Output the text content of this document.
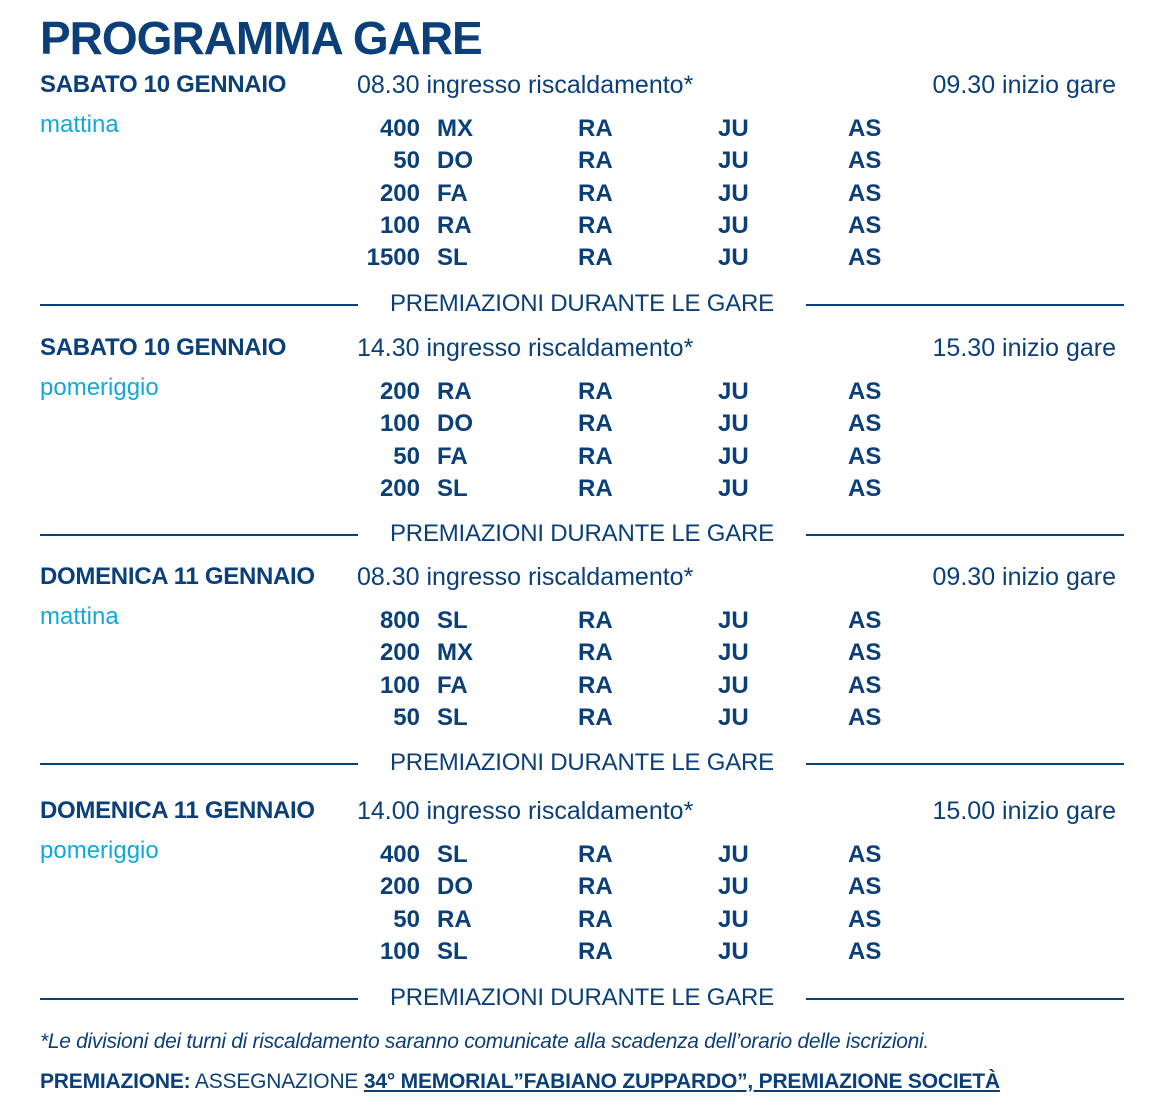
PROGRAMMA GARE
SABATO 10 GENNAIO
mattina
08.30 ingresso riscaldamento*	09.30 inizio gare
400 MX	RA	JU	AS
50 DO	RA	JU	AS
200 FA	RA	JU	AS
100 RA	RA	JU	AS
1500 SL	RA	JU	AS
PREMIAZIONI DURANTE LE GARE
SABATO 10 GENNAIO
pomeriggio
14.30 ingresso riscaldamento*	15.30 inizio gare
200 RA	RA	JU	AS
100 DO	RA	JU	AS
50 FA	RA	JU	AS
200 SL	RA	JU	AS
PREMIAZIONI DURANTE LE GARE
DOMENICA 11 GENNAIO
mattina
08.30 ingresso riscaldamento*	09.30 inizio gare
800 SL	RA	JU	AS
200 MX	RA	JU	AS
100 FA	RA	JU	AS
50 SL	RA	JU	AS
PREMIAZIONI DURANTE LE GARE
DOMENICA 11 GENNAIO
pomeriggio
14.00 ingresso riscaldamento*	15.00 inizio gare
400 SL	RA	JU	AS
200 DO	RA	JU	AS
50 RA	RA	JU	AS
100 SL	RA	JU	AS
PREMIAZIONI DURANTE LE GARE
*Le divisioni dei turni di riscaldamento saranno comunicate alla scadenza dell’orario delle iscrizioni.
PREMIAZIONE: ASSEGNAZIONE 34° MEMORIAL”FABIANO ZUPPARDO”, PREMIAZIONE SOCIETÀ
